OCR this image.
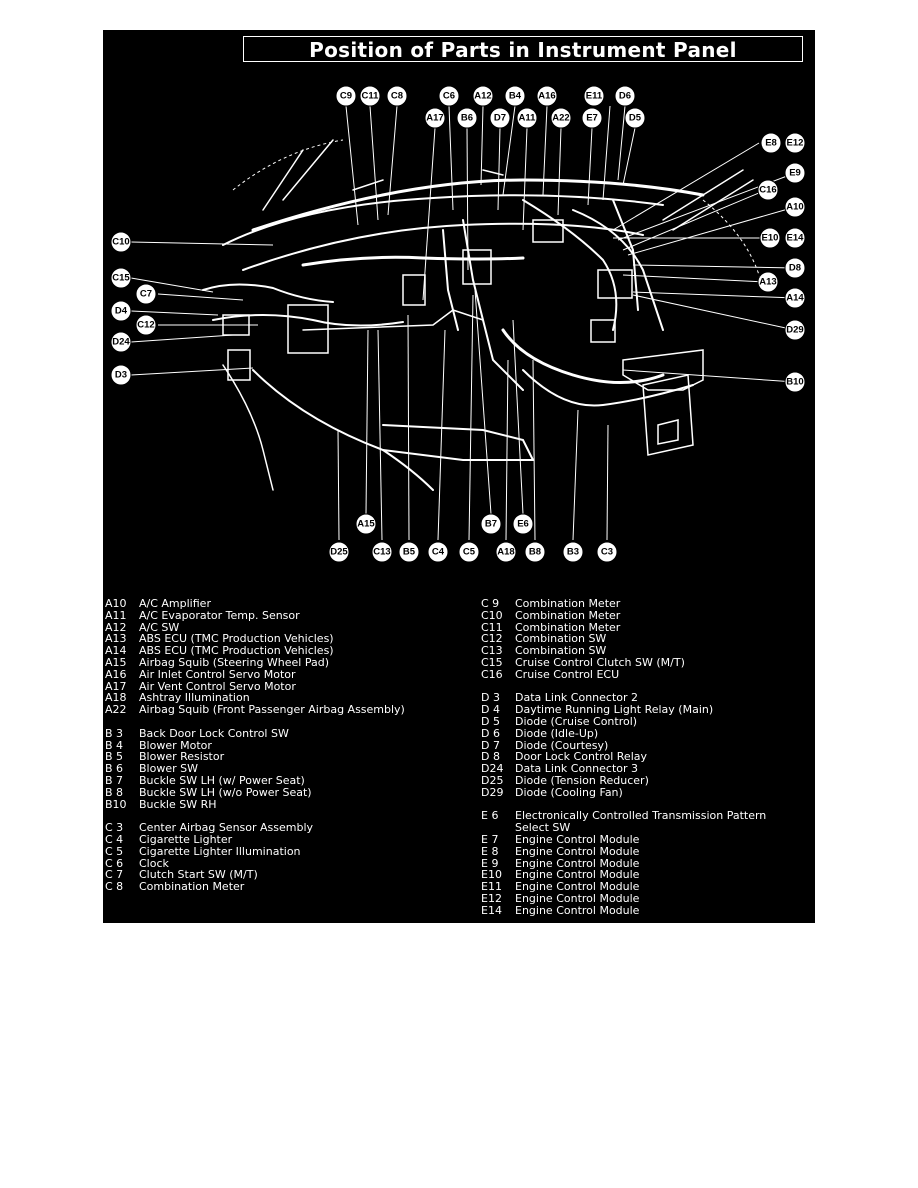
Position of Parts in Instrument Panel
C9 C11 C8	C6 A12 B4 A16	E11 D6
A17 B6 D7 A11 A22 E7	D5
E8 E12
E9
C16
A10
E10 E14
D8
A13
A14
D29
B10
C10
C15
C7
D4
C12
D24
D3
A15	B7 E6
D25	C13 B5 C4 C5 A18 B8	B3 C3
A10	A/C Amplifier
A11	A/C Evaporator Temp. Sensor
A12	A/C SW
A13	ABS ECU (TMC Production Vehicles)
A14	ABS ECU (TMC Production Vehicles)
A15	Airbag Squib (Steering Wheel Pad)
A16	Air Inlet Control Servo Motor
A17	Air Vent Control Servo Motor
A18	Ashtray Illumination
A22	Airbag Squib (Front Passenger Airbag Assembly)
B 3	Back Door Lock Control SW
B 4	Blower Motor
B 5	Blower Resistor
B 6	Blower SW
B 7	Buckle SW LH (w/ Power Seat)
B 8	Buckle SW LH (w/o Power Seat)
B10	Buckle SW RH
C 3	Center Airbag Sensor Assembly
C 4	Cigarette Lighter
C 5	Cigarette Lighter Illumination
C 6	Clock
C 7	Clutch Start SW (M/T)
C 8	Combination Meter
C 9	Combination Meter
C10	Combination Meter
C11	Combination Meter
C12	Combination SW
C13	Combination SW
C15	Cruise Control Clutch SW (M/T)
C16	Cruise Control ECU
D 3	Data Link Connector 2
D 4	Daytime Running Light Relay (Main)
D 5	Diode (Cruise Control)
D 6	Diode (Idle-Up)
D 7	Diode (Courtesy)
D 8	Door Lock Control Relay
D24	Data Link Connector 3
D25	Diode (Tension Reducer)
D29	Diode (Cooling Fan)
E 6	Electronically Controlled Transmission Pattern
Select SW
E 7	Engine Control Module
E 8	Engine Control Module
E 9	Engine Control Module
E10	Engine Control Module
E11	Engine Control Module
E12	Engine Control Module
E14	Engine Control Module
